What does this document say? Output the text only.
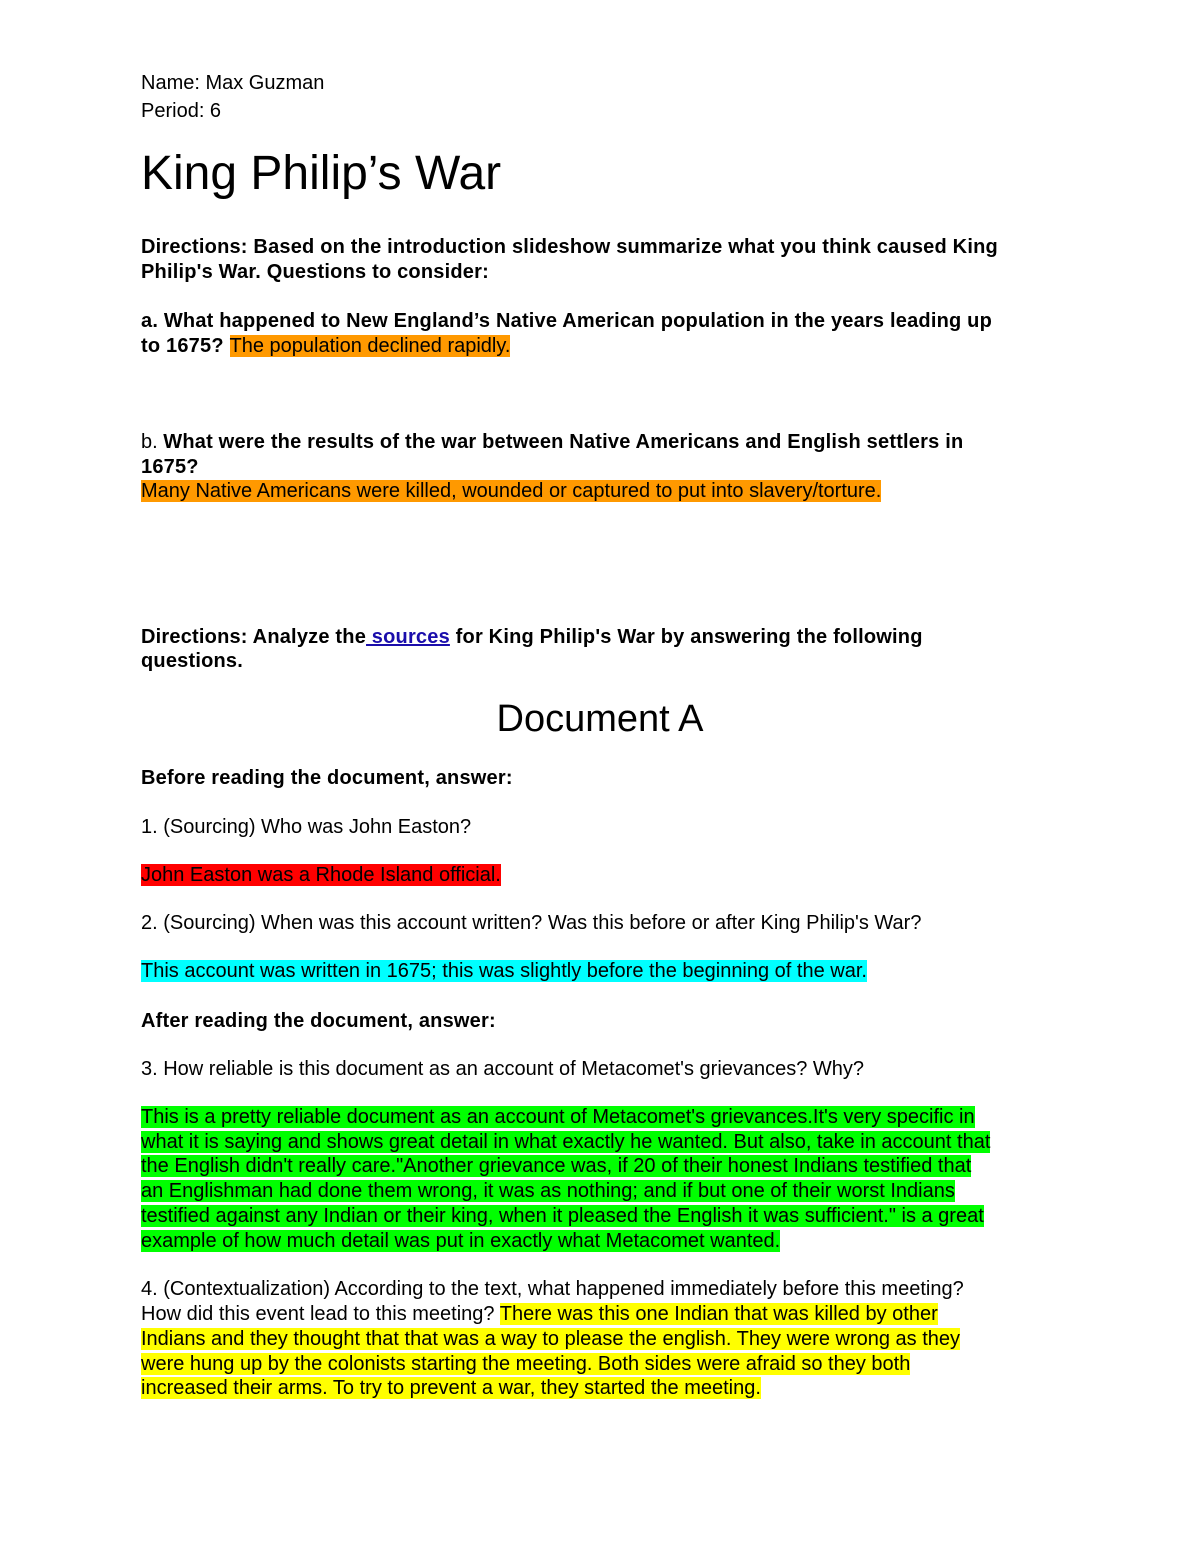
Name: Max Guzman
Period: 6
King Philip’s War
Directions: Based on the introduction slideshow summarize what you think caused King
Philip's War. Questions to consider:
a. What happened to New England’s Native American population in the years leading up
to 1675? The population declined rapidly.
b. What were the results of the war between Native Americans and English settlers in
1675?
Many Native Americans were killed, wounded or captured to put into slavery/torture.
Directions: Analyze the sources for King Philip's War by answering the following
questions.
Document A
Before reading the document, answer:
1. (Sourcing) Who was John Easton?
John Easton was a Rhode Island official.
2. (Sourcing) When was this account written? Was this before or after King Philip's War?
This account was written in 1675; this was slightly before the beginning of the war.
After reading the document, answer:
3. How reliable is this document as an account of Metacomet's grievances? Why?
This is a pretty reliable document as an account of Metacomet's grievances.It's very specific in
what it is saying and shows great detail in what exactly he wanted. But also, take in account that
the English didn't really care."Another grievance was, if 20 of their honest Indians testified that
an Englishman had done them wrong, it was as nothing; and if but one of their worst Indians
testified against any Indian or their king, when it pleased the English it was sufficient." is a great
example of how much detail was put in exactly what Metacomet wanted.
4. (Contextualization) According to the text, what happened immediately before this meeting?
How did this event lead to this meeting? There was this one Indian that was killed by other
Indians and they thought that that was a way to please the english. They were wrong as they
were hung up by the colonists starting the meeting. Both sides were afraid so they both
increased their arms. To try to prevent a war, they started the meeting.
